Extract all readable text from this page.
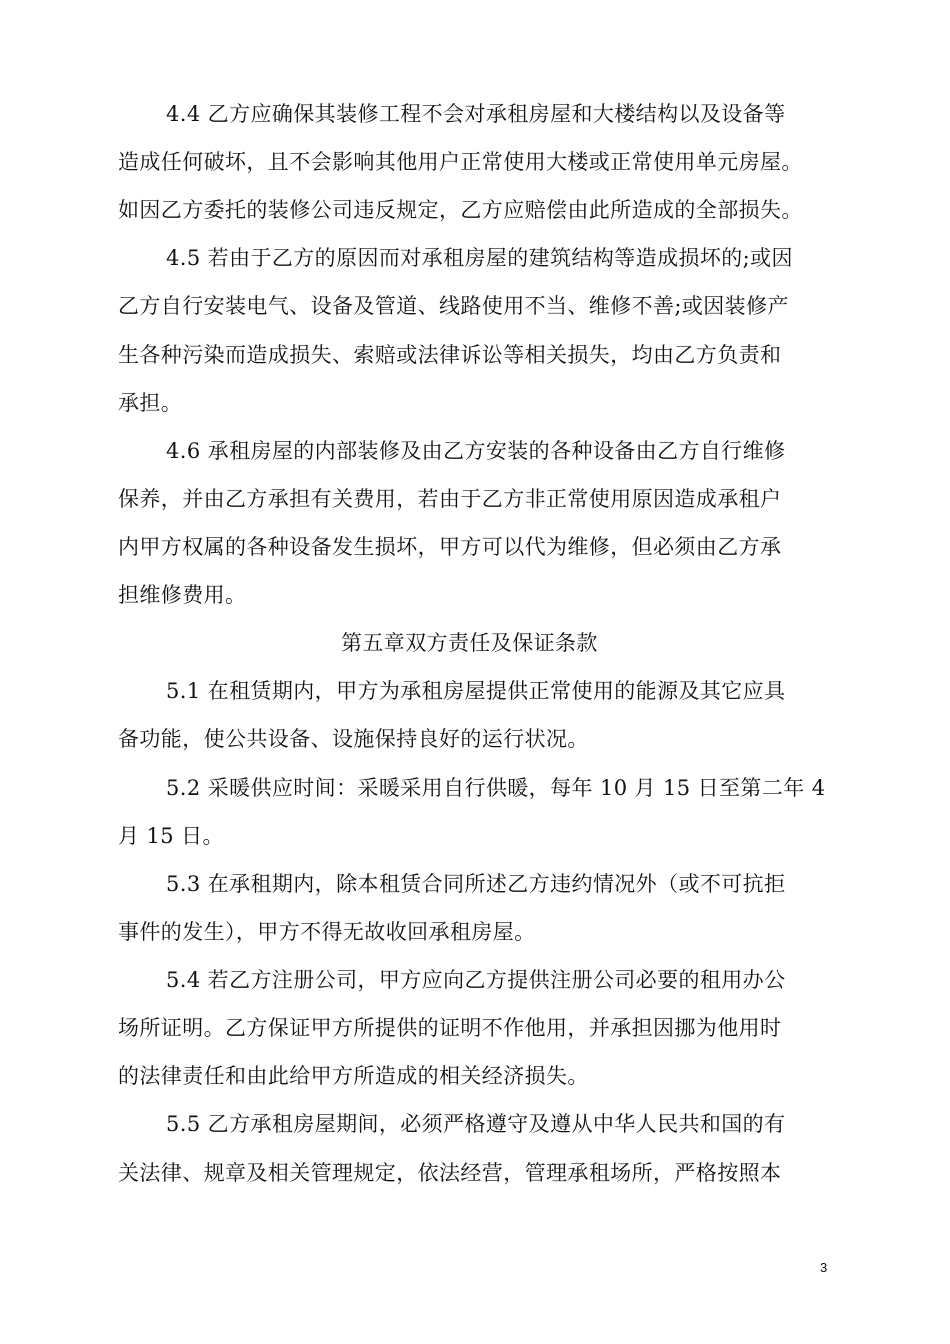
4.4 乙方应确保其装修工程不会对承租房屋和大楼结构以及设备等
造成任何破坏，且不会影响其他用户正常使用大楼或正常使用单元房屋。
如因乙方委托的装修公司违反规定，乙方应赔偿由此所造成的全部损失。
4.5 若由于乙方的原因而对承租房屋的建筑结构等造成损坏的;或因
乙方自行安装电气、设备及管道、线路使用不当、维修不善;或因装修产
生各种污染而造成损失、索赔或法律诉讼等相关损失，均由乙方负责和
承担。
4.6 承租房屋的内部装修及由乙方安装的各种设备由乙方自行维修
保养，并由乙方承担有关费用，若由于乙方非正常使用原因造成承租户
内甲方权属的各种设备发生损坏，甲方可以代为维修，但必须由乙方承
担维修费用。
第五章双方责任及保证条款
5.1 在租赁期内，甲方为承租房屋提供正常使用的能源及其它应具
备功能，使公共设备、设施保持良好的运行状况。
5.2 采暖供应时间：采暖采用自行供暖，每年 10 月 15 日至第二年 4
月 15 日。
5.3 在承租期内，除本租赁合同所述乙方违约情况外（或不可抗拒
事件的发生），甲方不得无故收回承租房屋。
5.4 若乙方注册公司，甲方应向乙方提供注册公司必要的租用办公
场所证明。乙方保证甲方所提供的证明不作他用，并承担因挪为他用时
的法律责任和由此给甲方所造成的相关经济损失。
5.5 乙方承租房屋期间，必须严格遵守及遵从中华人民共和国的有
关法律、规章及相关管理规定，依法经营，管理承租场所，严格按照本
3
